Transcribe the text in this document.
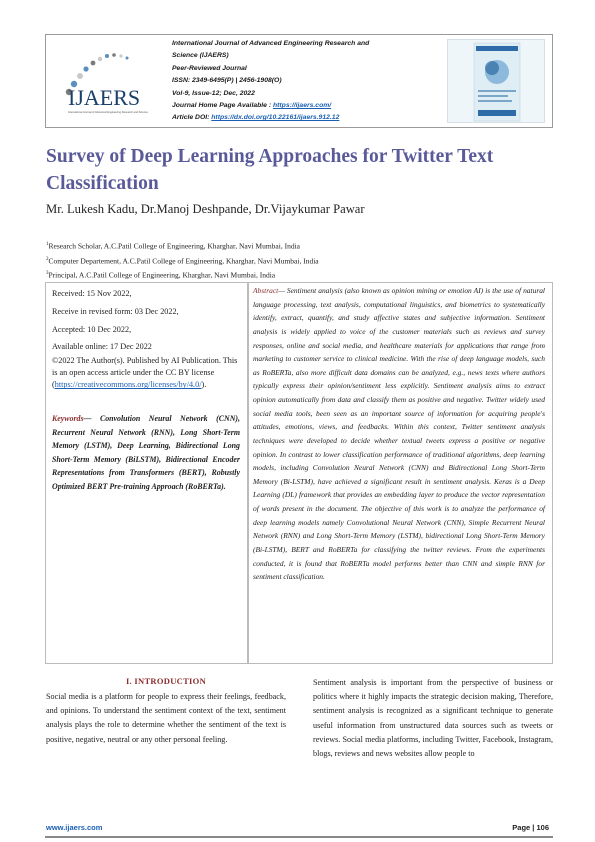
IJAERS
International Journal of Advanced Engineering Research and Science
International Journal of Advanced Engineering Research and
Science (IJAERS)
Peer-Reviewed Journal
ISSN: 2349-6495(P) | 2456-1908(O)
Vol-9, Issue-12; Dec, 2022
Journal Home Page Available : https://ijaers.com/
Article DOI: https://dx.doi.org/10.22161/ijaers.912.12
Survey of Deep Learning Approaches for Twitter Text Classification
Mr. Lukesh Kadu, Dr.Manoj Deshpande, Dr.Vijaykumar Pawar
$^1$Research Scholar, A.C.Patil College of Engineering, Kharghar, Navi Mumbai, India
$^2$Computer Departement, A.C.Patil College of Engineering, Kharghar, Navi Mumbai, India
$^3$Principal, A.C.Patil College of Engineering, Kharghar, Navi Mumbai, India
Received: 15 Nov 2022,
Receive in revised form: 03 Dec 2022,
Accepted: 10 Dec 2022,
Available online: 17 Dec 2022
©2022 The Author(s). Published by AI Publication. This is an open access article under the CC BY license
(https://creativecommons.org/licenses/by/4.0/).
Keywords— Convolution Neural Network (CNN), Recurrent Neural Network (RNN), Long Short-Term Memory (LSTM), Deep Learning, Bidirectional Long Short-Term Memory (BiLSTM), Bidirectional Encoder Representations from Transformers (BERT), Robustly Optimized BERT Pre-training Approach (RoBERTa).
Abstract— Sentiment analysis (also known as opinion mining or emotion AI) is the use of natural language processing, text analysis, computational linguistics, and biometrics to systematically identify, extract, quantify, and study affective states and subjective information. Sentiment analysis is widely applied to voice of the customer materials such as reviews and survey responses, online and social media, and healthcare materials for applications that range from marketing to customer service to clinical medicine. With the rise of deep language models, such as RoBERTa, also more difficult data domains can be analyzed, e.g., news texts where authors typically express their opinion/sentiment less explicitly. Sentiment analysis aims to extract opinion automatically from data and classify them as positive and negative. Twitter widely used social media tools, been seen as an important source of information for acquiring people's attitudes, emotions, views, and feedbacks. Within this context, Twitter sentiment analysis techniques were developed to decide whether textual tweets express a positive or negative opinion. In contrast to lower classification performance of traditional algorithms, deep learning models, including Convolution Neural Network (CNN) and Bidirectional Long Short-Term Memory (Bi-LSTM), have achieved a significant result in sentiment analysis. Keras is a Deep Learning (DL) framework that provides an embedding layer to produce the vector representation of words present in the document. The objective of this work is to analyze the performance of deep learning models namely Convolutional Neural Network (CNN), Simple Recurrent Neural Network (RNN) and Long Short-Term Memory (LSTM), bidirectional Long Short-Term Memory (Bi-LSTM), BERT and RoBERTa for classifying the twitter reviews. From the experiments conducted, it is found that RoBERTa model performs better than CNN and simple RNN for sentiment classification.
I. INTRODUCTION
Social media is a platform for people to express their feelings, feedback, and opinions. To understand the sentiment context of the text, sentiment analysis plays the role to determine whether the sentiment of the text is positive, negative, neutral or any other personal feeling.
Sentiment analysis is important from the perspective of business or politics where it highly impacts the strategic decision making, Therefore, sentiment analysis is recognized as a significant technique to generate useful information from unstructured data sources such as tweets or reviews. Social media platforms, including Twitter, Facebook, Instagram, blogs, reviews and news websites allow people to
www.ijaers.com	Page | 106
